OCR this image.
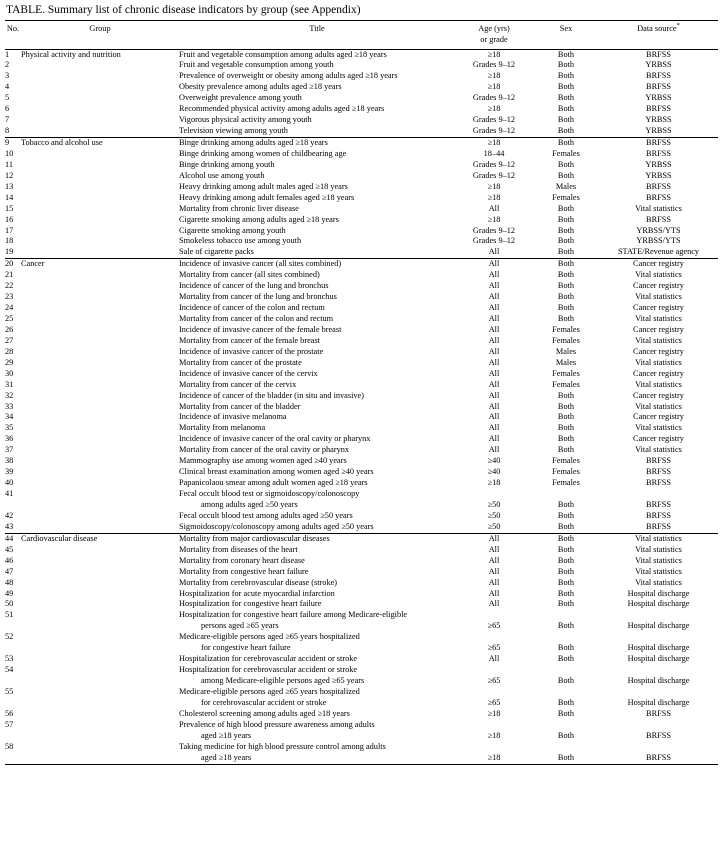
TABLE. Summary list of chronic disease indicators by group (see Appendix)
No.	Group	Title	Age (yrs)
or grade	Sex	Data source*
1	Physical activity and nutrition	Fruit and vegetable consumption among adults aged ≥18 years	≥18	Both	BRFSS
2		Fruit and vegetable consumption among youth	Grades 9–12	Both	YRBSS
3		Prevalence of overweight or obesity among adults aged ≥18 years	≥18	Both	BRFSS
4		Obesity prevalence among adults aged ≥18 years	≥18	Both	BRFSS
5		Overweight prevalence among youth	Grades 9–12	Both	YRBSS
6		Recommended physical activity among adults aged ≥18 years	≥18	Both	BRFSS
7		Vigorous physical activity among youth	Grades 9–12	Both	YRBSS
8		Television viewing among youth	Grades 9–12	Both	YRBSS
9	Tobacco and alcohol use	Binge drinking among adults aged ≥18 years	≥18	Both	BRFSS
10		Binge drinking among women of childbearing age	18–44	Females	BRFSS
11		Binge drinking among youth	Grades 9–12	Both	YRBSS
12		Alcohol use among youth	Grades 9–12	Both	YRBSS
13		Heavy drinking among adult males aged ≥18 years	≥18	Males	BRFSS
14		Heavy drinking among adult females aged ≥18 years	≥18	Females	BRFSS
15		Mortality from chronic liver disease	All	Both	Vital statistics
16		Cigarette smoking among adults aged ≥18 years	≥18	Both	BRFSS
17		Cigarette smoking among youth	Grades 9–12	Both	YRBSS/YTS
18		Smokeless tobacco use among youth	Grades 9–12	Both	YRBSS/YTS
19		Sale of cigarette packs	All	Both	STATE/Revenue agency
20	Cancer	Incidence of invasive cancer (all sites combined)	All	Both	Cancer registry
21		Mortality from cancer (all sites combined)	All	Both	Vital statistics
22		Incidence of cancer of the lung and bronchus	All	Both	Cancer registry
23		Mortality from cancer of the lung and bronchus	All	Both	Vital statistics
24		Incidence of cancer of the colon and rectum	All	Both	Cancer registry
25		Mortality from cancer of the colon and rectum	All	Both	Vital statistics
26		Incidence of invasive cancer of the female breast	All	Females	Cancer registry
27		Mortality from cancer of the female breast	All	Females	Vital statistics
28		Incidence of invasive cancer of the prostate	All	Males	Cancer registry
29		Mortality from cancer of the prostate	All	Males	Vital statistics
30		Incidence of invasive cancer of the cervix	All	Females	Cancer registry
31		Mortality from cancer of the cervix	All	Females	Vital statistics
32		Incidence of cancer of the bladder (in situ and invasive)	All	Both	Cancer registry
33		Mortality from cancer of the bladder	All	Both	Vital statistics
34		Incidence of invasive melanoma	All	Both	Cancer registry
35		Mortality from melanoma	All	Both	Vital statistics
36		Incidence of invasive cancer of the oral cavity or pharynx	All	Both	Cancer registry
37		Mortality from cancer of the oral cavity or pharynx	All	Both	Vital statistics
38		Mammography use among women aged ≥40 years	≥40	Females	BRFSS
39		Clinical breast examination among women aged ≥40 years	≥40	Females	BRFSS
40		Papanicolaou smear among adult women aged ≥18 years	≥18	Females	BRFSS
41		Fecal occult blood test or sigmoidoscopy/colonoscopy
among adults aged ≥50 years	≥50	Both	BRFSS
42		Fecal occult blood test among adults aged ≥50 years	≥50	Both	BRFSS
43		Sigmoidoscopy/colonoscopy among adults aged ≥50 years	≥50	Both	BRFSS
44	Cardiovascular disease	Mortality from major cardiovascular diseases	All	Both	Vital statistics
45		Mortality from diseases of the heart	All	Both	Vital statistics
46		Mortality from coronary heart disease	All	Both	Vital statistics
47		Mortality from congestive heart failure	All	Both	Vital statistics
48		Mortality from cerebrovascular disease (stroke)	All	Both	Vital statistics
49		Hospitalization for acute myocardial infarction	All	Both	Hospital discharge
50		Hospitalization for congestive heart failure	All	Both	Hospital discharge
51		Hospitalization for congestive heart failure among Medicare-eligible
persons aged ≥65 years	≥65	Both	Hospital discharge
52		Medicare-eligible persons aged ≥65 years hospitalized
for congestive heart failure	≥65	Both	Hospital discharge
53		Hospitalization for cerebrovascular accident or stroke	All	Both	Hospital discharge
54		Hospitalization for cerebrovascular accident or stroke
among Medicare-eligible persons aged ≥65 years	≥65	Both	Hospital discharge
55		Medicare-eligible persons aged ≥65 years hospitalized
for cerebrovascular accident or stroke	≥65	Both	Hospital discharge
56		Cholesterol screening among adults aged ≥18 years	≥18	Both	BRFSS
57		Prevalence of high blood pressure awareness among adults
aged ≥18 years	≥18	Both	BRFSS
58		Taking medicine for high blood pressure control among adults
aged ≥18 years	≥18	Both	BRFSS
